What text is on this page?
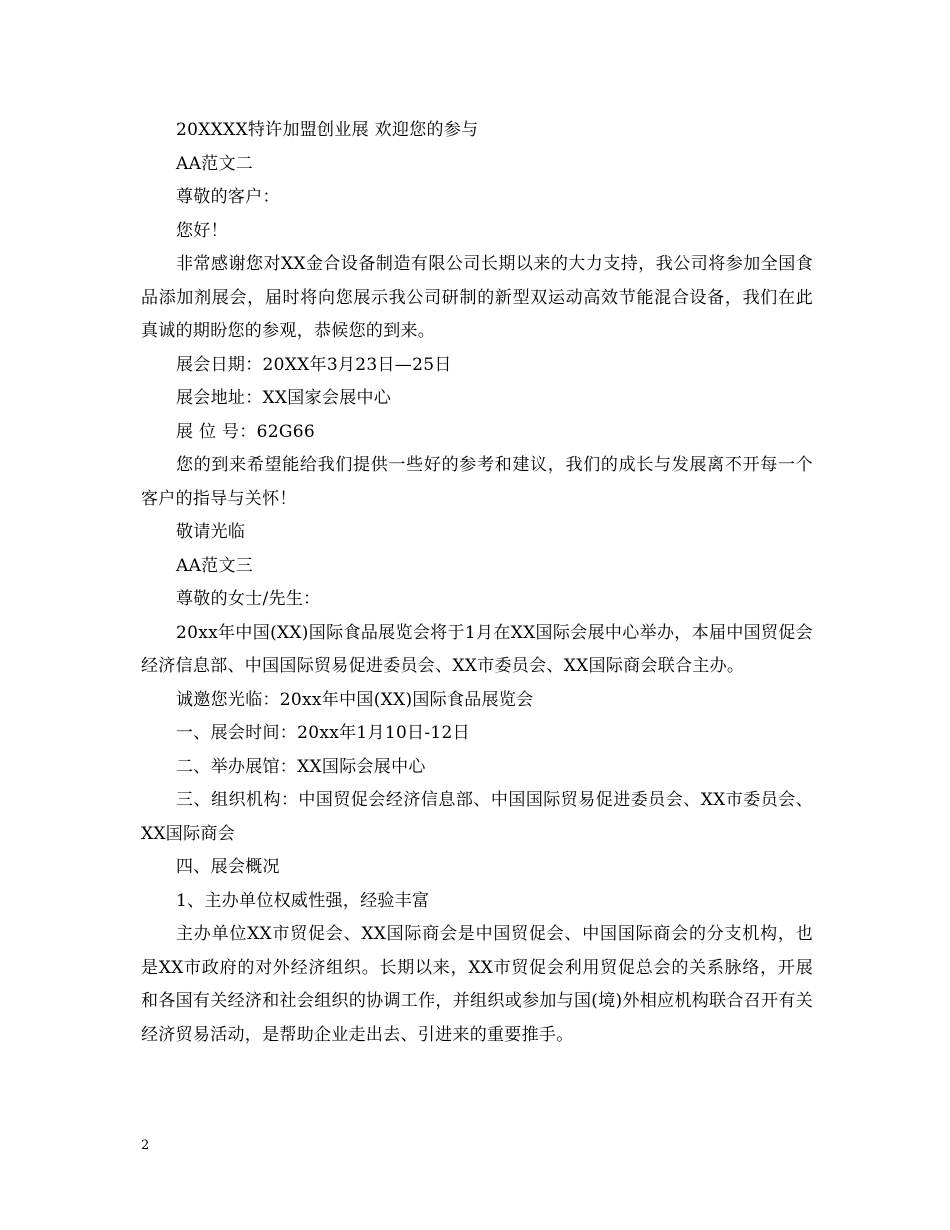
20XXXX特许加盟创业展 欢迎您的参与

AA范文二

尊敬的客户：

您好！

非常感谢您对XX金合设备制造有限公司长期以来的大力支持，我公司将参加全国食品添加剂展会，届时将向您展示我公司研制的新型双运动高效节能混合设备，我们在此真诚的期盼您的参观，恭候您的到来。

展会日期：20XX年3月23日—25日

展会地址：XX国家会展中心

展 位 号：62G66

您的到来希望能给我们提供一些好的参考和建议，我们的成长与发展离不开每一个客户的指导与关怀！

敬请光临

AA范文三

尊敬的女士/先生：

20xx年中国(XX)国际食品展览会将于1月在XX国际会展中心举办，本届中国贸促会经济信息部、中国国际贸易促进委员会、XX市委员会、XX国际商会联合主办。

诚邀您光临：20xx年中国(XX)国际食品展览会

一、展会时间：20xx年1月10日-12日

二、举办展馆：XX国际会展中心

三、组织机构：中国贸促会经济信息部、中国国际贸易促进委员会、XX市委员会、XX国际商会

四、展会概况

1、主办单位权威性强，经验丰富

主办单位XX市贸促会、XX国际商会是中国贸促会、中国国际商会的分支机构，也是XX市政府的对外经济组织。长期以来，XX市贸促会利用贸促总会的关系脉络，开展和各国有关经济和社会组织的协调工作，并组织或参加与国(境)外相应机构联合召开有关经济贸易活动，是帮助企业走出去、引进来的重要推手。

2
